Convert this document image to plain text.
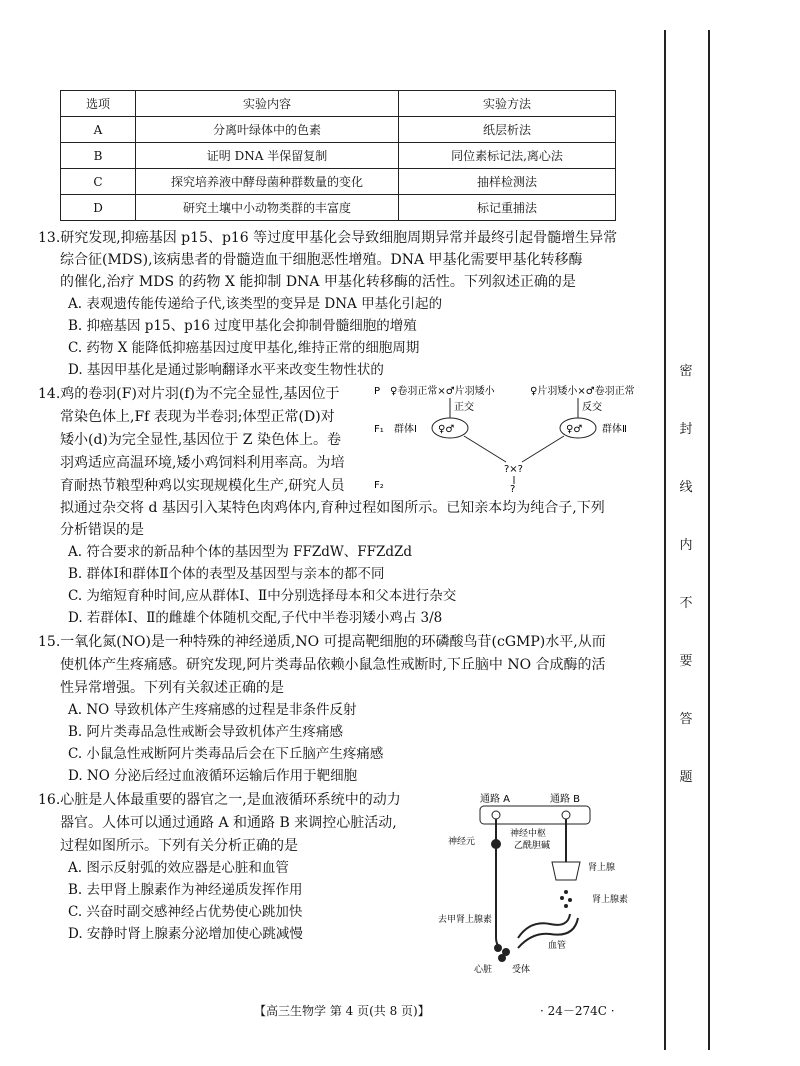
选项	实验内容	实验方法
A	分离叶绿体中的色素	纸层析法
B	证明 DNA 半保留复制	同位素标记法,离心法
C	探究培养液中酵母菌种群数量的变化	抽样检测法
D	研究土壤中小动物类群的丰富度	标记重捕法
13.研究发现,抑癌基因 p15、p16 等过度甲基化会导致细胞周期异常并最终引起骨髓增生异常
综合征(MDS),该病患者的骨髓造血干细胞恶性增殖。DNA 甲基化需要甲基化转移酶
的催化,治疗 MDS 的药物 X 能抑制 DNA 甲基化转移酶的活性。下列叙述正确的是
A. 表观遗传能传递给子代,该类型的变异是 DNA 甲基化引起的
B. 抑癌基因 p15、p16 过度甲基化会抑制骨髓细胞的增殖
C. 药物 X 能降低抑癌基因过度甲基化,维持正常的细胞周期
D. 基因甲基化是通过影响翻译水平来改变生物性状的
14.鸡的卷羽(F)对片羽(f)为不完全显性,基因位于
常染色体上,Ff 表现为半卷羽;体型正常(D)对
矮小(d)为完全显性,基因位于 Z 染色体上。卷
羽鸡适应高温环境,矮小鸡饲料利用率高。为培
育耐热节粮型种鸡以实现规模化生产,研究人员
拟通过杂交将 d 基因引入某特色肉鸡体内,育种过程如图所示。已知亲本均为纯合子,下列
分析错误的是
A. 符合要求的新品种个体的基因型为 FFZdW、FFZdZd
B. 群体Ⅰ和群体Ⅱ个体的表型及基因型与亲本的都不同
C. 为缩短育种时间,应从群体Ⅰ、Ⅱ中分别选择母本和父本进行杂交
D. 若群体Ⅰ、Ⅱ的雌雄个体随机交配,子代中半卷羽矮小鸡占 3/8
P
F₁
F₂
♀卷羽正常×♂片羽矮小	♀片羽矮小×♂卷羽正常
正交	反交
群体Ⅰ ♀♂	♀♂ 群体Ⅱ
?×?
?
15.一氧化氮(NO)是一种特殊的神经递质,NO 可提高靶细胞的环磷酸鸟苷(cGMP)水平,从而
使机体产生疼痛感。研究发现,阿片类毒品依赖小鼠急性戒断时,下丘脑中 NO 合成酶的活
性异常增强。下列有关叙述正确的是
A. NO 导致机体产生疼痛感的过程是非条件反射
B. 阿片类毒品急性戒断会导致机体产生疼痛感
C. 小鼠急性戒断阿片类毒品后会在下丘脑产生疼痛感
D. NO 分泌后经过血液循环运输后作用于靶细胞
16.心脏是人体最重要的器官之一,是血液循环系统中的动力
器官。人体可以通过通路 A 和通路 B 来调控心脏活动,
过程如图所示。下列有关分析正确的是
A. 图示反射弧的效应器是心脏和血管
B. 去甲肾上腺素作为神经递质发挥作用
C. 兴奋时副交感神经占优势使心跳加快
D. 安静时肾上腺素分泌增加使心跳减慢
通路 A	通路 B
神经中枢
乙酰胆碱
神经元
肾上腺
肾上腺素
去甲肾上腺素
血管
心脏 受体
密
封
线
内
不
要
答
题
【高三生物学 第 4 页(共 8 页)】	· 24－274C ·
